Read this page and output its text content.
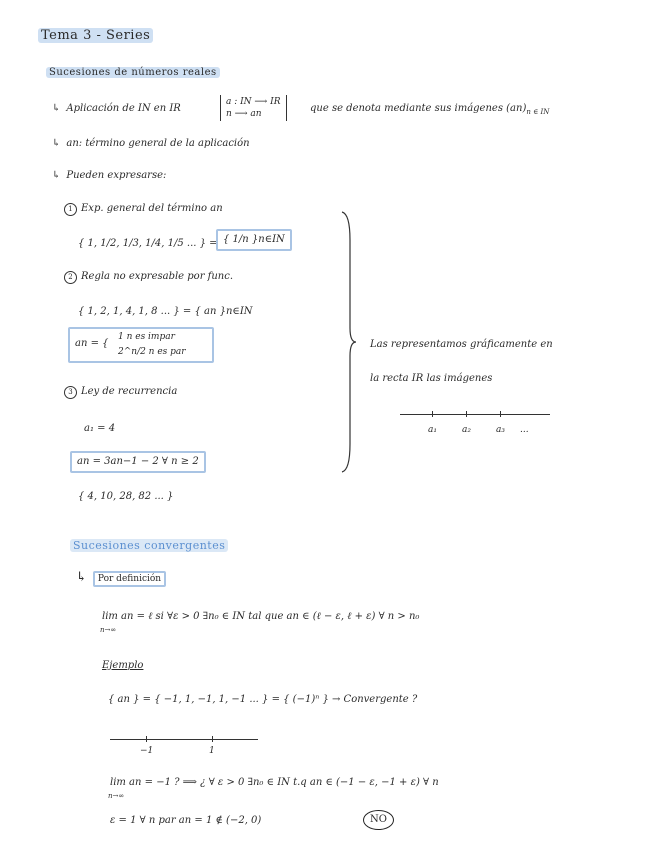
Tema 3 - Series
Sucesiones de números reales
↳ Aplicación de IN en IR
a : IN ⟶ IR
n ⟶ an	que se denota mediante sus imágenes $(an)_{n \in IN}$
↳ an: término general de la aplicación
↳ Pueden expresarse:
1 Exp. general del término an
{ 1, 1/2, 1/3, 1/4, 1/5 ... } = { 1/n }n∈IN
2 Regla no expresable por func.
{ 1, 2, 1, 4, 1, 8 ... } = { an }n∈IN
an = {
1 n es impar
2^n/2 n es par
3 Ley de recurrencia
a₁ = 4
an = 3an−1 − 2 ∀ n ≥ 2
{ 4, 10, 28, 82 ... }
Las representamos gráficamente en
la recta IR las imágenes
a₁	a₂	a₃ ...
Sucesiones convergentes
↳ Por definición
lim an = ℓ si ∀ε > 0 ∃n₀ ∈ IN tal que an ∈ (ℓ − ε, ℓ + ε) ∀ n > n₀
n→∞
Ejemplo
{ an } = { −1, 1, −1, 1, −1 ... } = { (−1)ⁿ } → Convergente ?
−1	1
lim an = −1 ? ⟹ ¿ ∀ ε > 0 ∃n₀ ∈ IN t.q an ∈ (−1 − ε, −1 + ε) ∀ n
n→∞
ε = 1 ∀ n par an = 1 ∉ (−2, 0)	NO
